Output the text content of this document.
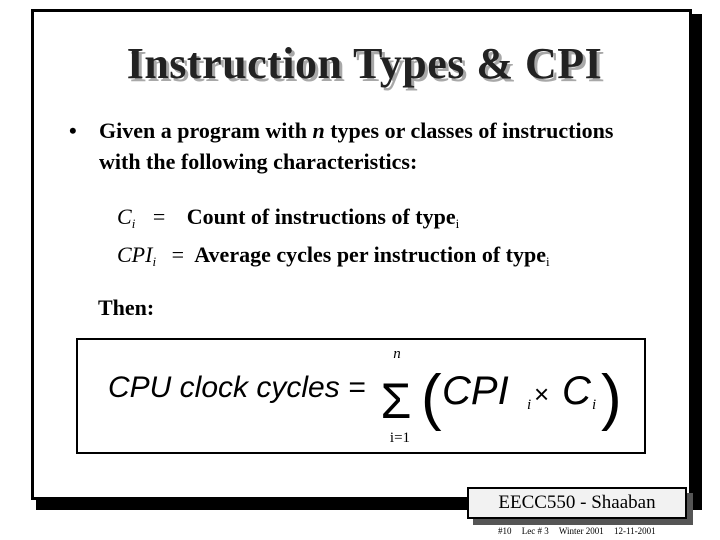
Instruction Types & CPI
• Given a program with n types or classes of instructions with the following characteristics:
$C_i$ = Count of instructions of type$_i$
$CPI_i$ = Average cycles per instruction of type$_i$
Then:
CPU clock cycles =
n
Σ
i=1
( CPI i × C i )
EECC550 - Shaaban
#10 Lec # 3 Winter 2001 12-11-2001
